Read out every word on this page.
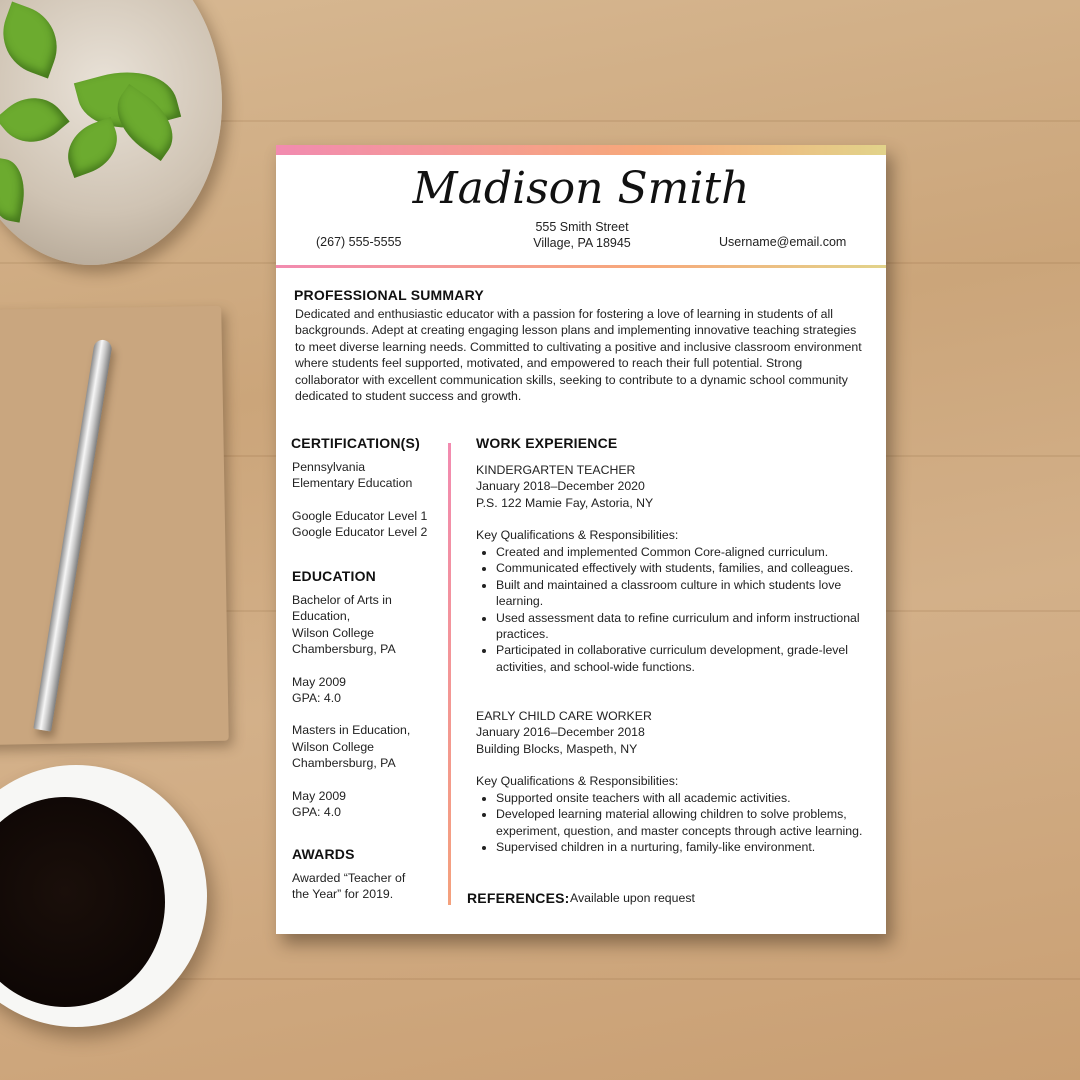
Madison Smith
(267) 555-5555
555 Smith Street
Village, PA 18945	Username@email.com
PROFESSIONAL SUMMARY
Dedicated and enthusiastic educator with a passion for fostering a love of learning in students of all backgrounds. Adept at creating engaging lesson plans and implementing innovative teaching strategies to meet diverse learning needs. Committed to cultivating a positive and inclusive classroom environment where students feel supported, motivated, and empowered to reach their full potential. Strong collaborator with excellent communication skills, seeking to contribute to a dynamic school community dedicated to student success and growth.
CERTIFICATION(S)
Pennsylvania
Elementary Education
Google Educator Level 1
Google Educator Level 2
EDUCATION
Bachelor of Arts in
Education,
Wilson College
Chambersburg, PA
May 2009
GPA: 4.0
Masters in Education,
Wilson College
Chambersburg, PA
May 2009
GPA: 4.0
AWARDS
Awarded “Teacher of
the Year” for 2019.
WORK EXPERIENCE
KINDERGARTEN TEACHER
January 2018–December 2020
P.S. 122 Mamie Fay, Astoria, NY
Key Qualifications & Responsibilities:
• Created and implemented Common Core-aligned curriculum.
• Communicated effectively with students, families, and colleagues.
• Built and maintained a classroom culture in which students love learning.
• Used assessment data to refine curriculum and inform instructional practices.
• Participated in collaborative curriculum development, grade-level activities, and school-wide functions.
EARLY CHILD CARE WORKER
January 2016–December 2018
Building Blocks, Maspeth, NY
Key Qualifications & Responsibilities:
• Supported onsite teachers with all academic activities.
• Developed learning material allowing children to solve problems, experiment, question, and master concepts through active learning.
• Supervised children in a nurturing, family-like environment.
REFERENCES: Available upon request
